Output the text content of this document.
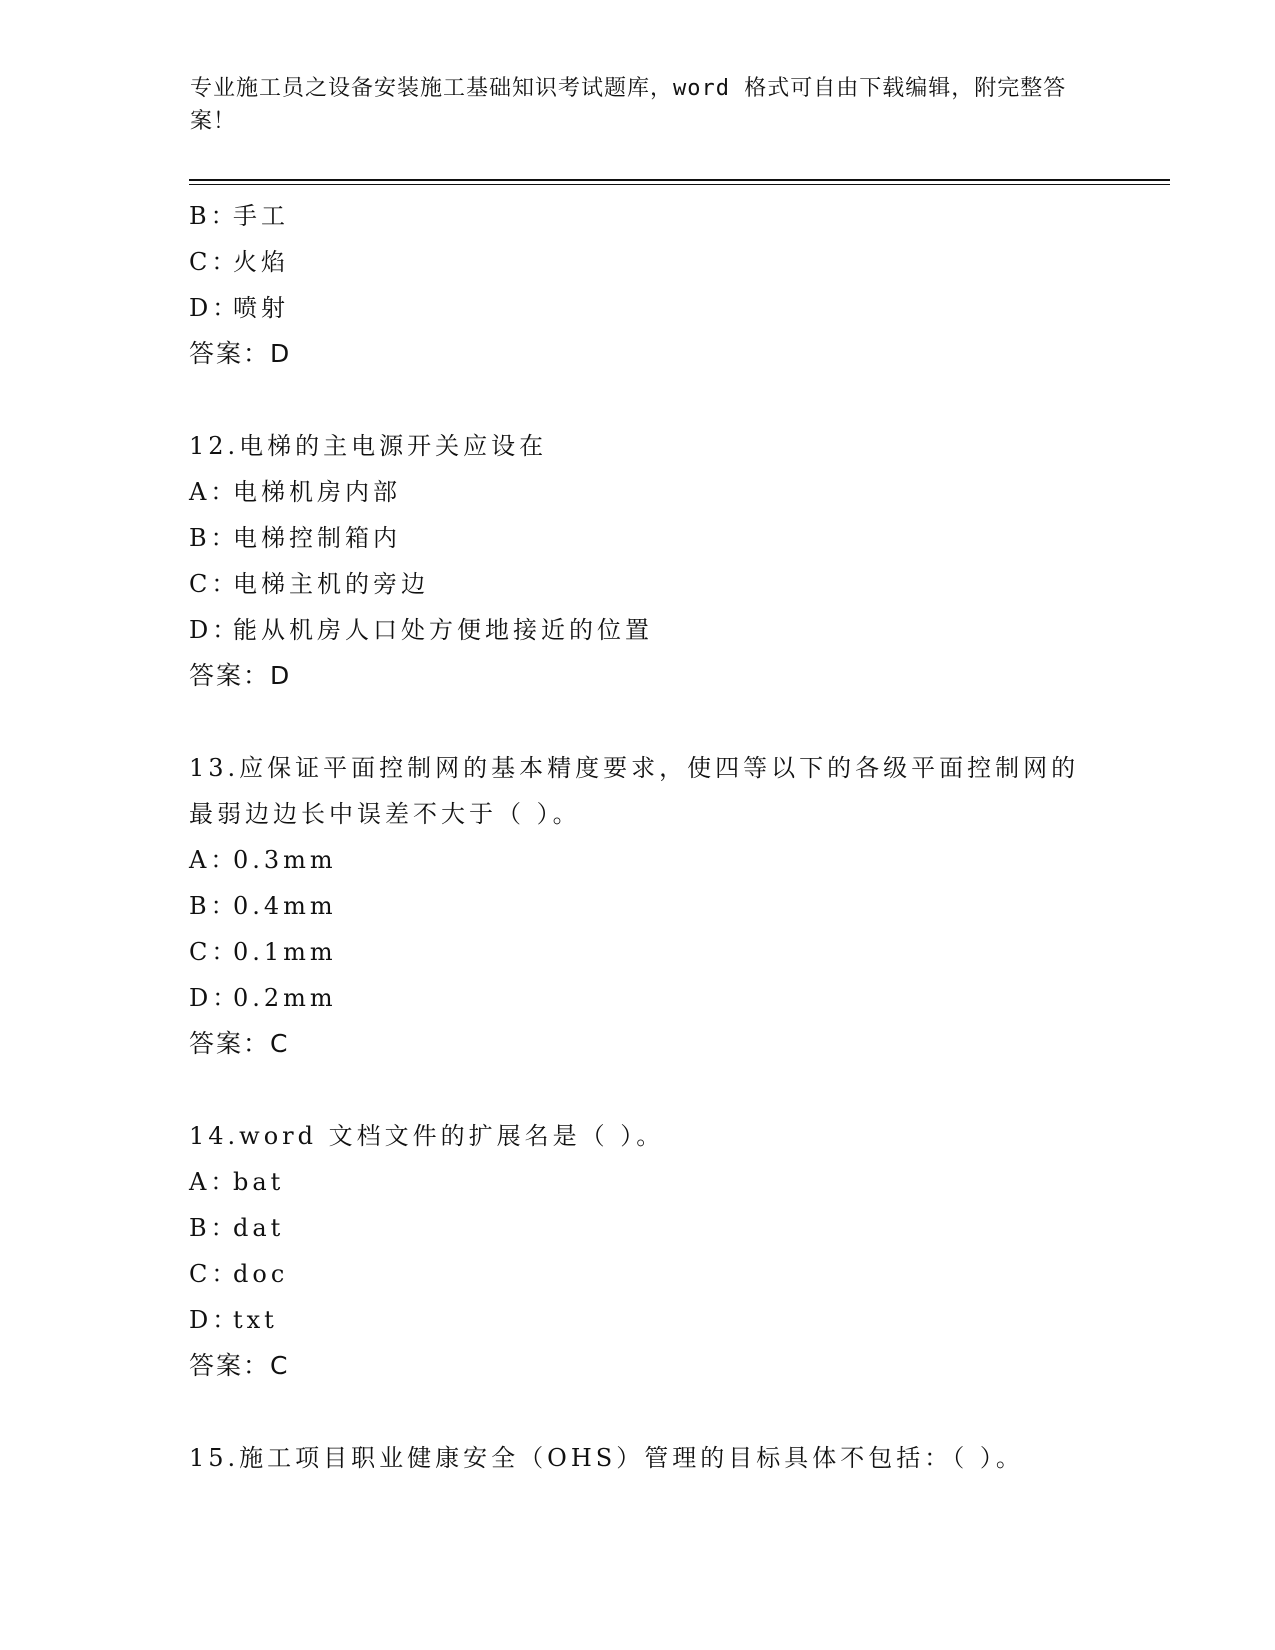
专业施工员之设备安装施工基础知识考试题库，word 格式可自由下载编辑，附完整答案！
B：手工
C：火焰
D：喷射
答案：D
12.电梯的主电源开关应设在
A：电梯机房内部
B：电梯控制箱内
C：电梯主机的旁边
D：能从机房人口处方便地接近的位置
答案：D
13.应保证平面控制网的基本精度要求，使四等以下的各级平面控制网的最弱边边长中误差不大于（ ）。
A：0.3mm
B：0.4mm
C：0.1mm
D：0.2mm
答案：C
14.word 文档文件的扩展名是（ ）。
A：bat
B：dat
C：doc
D：txt
答案：C
15.施工项目职业健康安全（OHS）管理的目标具体不包括：（ ）。
